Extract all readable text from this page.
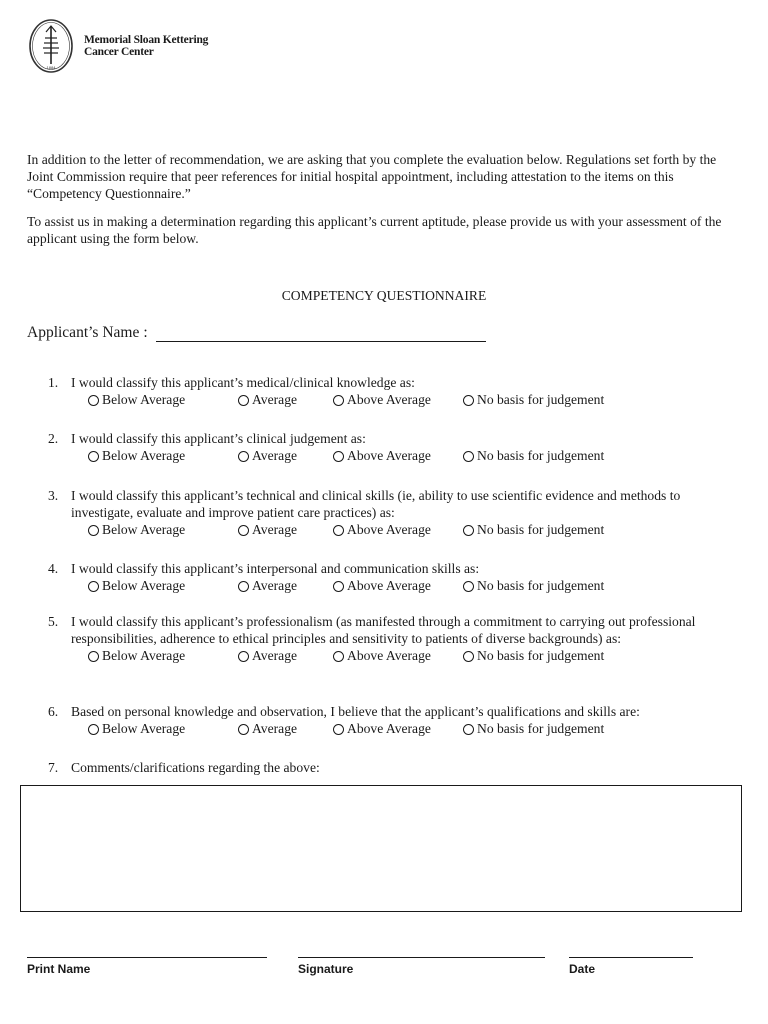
1884
Memorial Sloan Kettering
Cancer Center

In addition to the letter of recommendation, we are asking that you complete the evaluation below. Regulations set forth by the Joint Commission require that peer references for initial hospital appointment, including attestation to the items on this “Competency Questionnaire.”

To assist us in making a determination regarding this applicant’s current aptitude, please provide us with your assessment of the applicant using the form below.

COMPETENCY QUESTIONNAIRE
Applicant’s Name :
1. I would classify this applicant’s medical/clinical knowledge as:
Below Average	Average	Above Average	No basis for judgement
2. I would classify this applicant’s clinical judgement as:
Below Average	Average	Above Average	No basis for judgement
3. I would classify this applicant’s technical and clinical skills (ie, ability to use scientific evidence and methods to investigate, evaluate and improve patient care practices) as:
Below Average	Average	Above Average	No basis for judgement
4. I would classify this applicant’s interpersonal and communication skills as:
Below Average	Average	Above Average	No basis for judgement
5. I would classify this applicant’s professionalism (as manifested through a commitment to carrying out professional responsibilities, adherence to ethical principles and sensitivity to patients of diverse backgrounds) as:
Below Average	Average	Above Average	No basis for judgement
6. Based on personal knowledge and observation, I believe that the applicant’s qualifications and skills are:
Below Average	Average	Above Average	No basis for judgement
7. Comments/clarifications regarding the above:
Print Name	Signature	Date
